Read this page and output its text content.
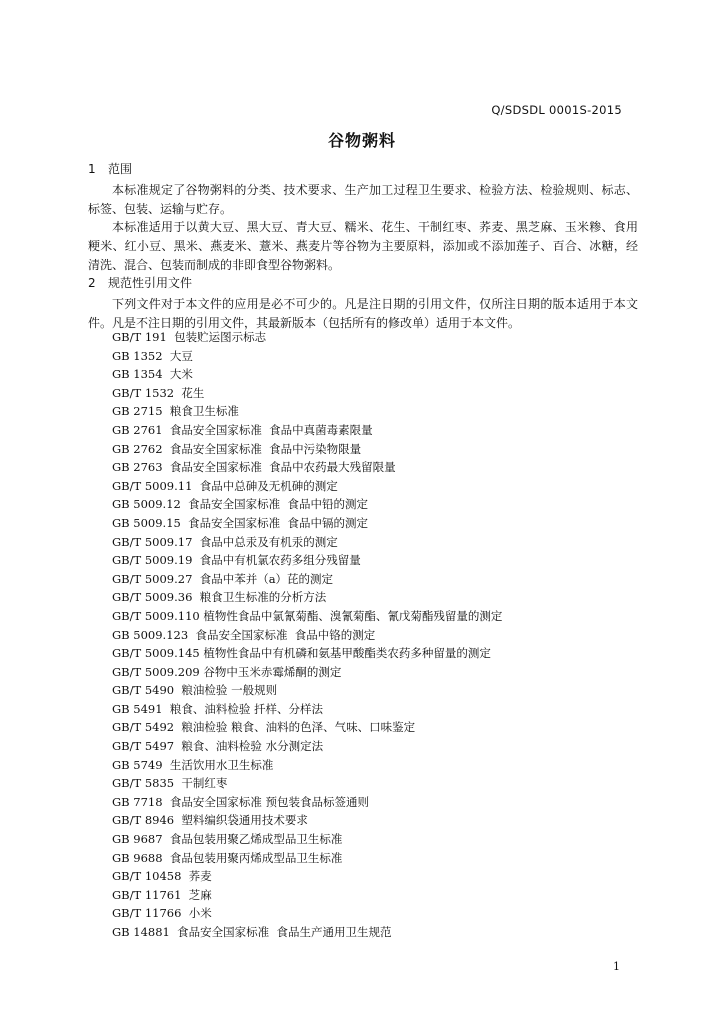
Q/SDSDL 0001S-2015
谷物粥料
1 范围

本标准规定了谷物粥料的分类、技术要求、生产加工过程卫生要求、检验方法、检验规则、标志、标签、包装、运输与贮存。

本标准适用于以黄大豆、黑大豆、青大豆、糯米、花生、干制红枣、荞麦、黑芝麻、玉米糁、食用粳米、红小豆、黑米、燕麦米、薏米、燕麦片等谷物为主要原料，添加或不添加莲子、百合、冰糖，经清洗、混合、包装而制成的非即食型谷物粥料。

2 规范性引用文件

下列文件对于本文件的应用是必不可少的。凡是注日期的引用文件，仅所注日期的版本适用于本文件。凡是不注日期的引用文件，其最新版本（包括所有的修改单）适用于本文件。

GB/T 191  包装贮运图示标志
GB 1352  大豆
GB 1354  大米
GB/T 1532  花生
GB 2715  粮食卫生标准
GB 2761  食品安全国家标准  食品中真菌毒素限量
GB 2762  食品安全国家标准  食品中污染物限量
GB 2763  食品安全国家标准  食品中农药最大残留限量
GB/T 5009.11  食品中总砷及无机砷的测定
GB 5009.12  食品安全国家标准  食品中铅的测定
GB 5009.15  食品安全国家标准  食品中镉的测定
GB/T 5009.17  食品中总汞及有机汞的测定
GB/T 5009.19  食品中有机氯农药多组分残留量
GB/T 5009.27  食品中苯并（a）芘的测定
GB/T 5009.36  粮食卫生标准的分析方法
GB/T 5009.110 植物性食品中氯氰菊酯、溴氰菊酯、氰戊菊酯残留量的测定
GB 5009.123  食品安全国家标准  食品中铬的测定
GB/T 5009.145 植物性食品中有机磷和氨基甲酸酯类农药多种留量的测定
GB/T 5009.209 谷物中玉米赤霉烯酮的测定
GB/T 5490  粮油检验 一般规则
GB 5491  粮食、油料检验 扦样、分样法
GB/T 5492  粮油检验 粮食、油料的色泽、气味、口味鉴定
GB/T 5497  粮食、油料检验 水分测定法
GB 5749  生活饮用水卫生标准
GB/T 5835  干制红枣
GB 7718  食品安全国家标准 预包装食品标签通则
GB/T 8946  塑料编织袋通用技术要求
GB 9687  食品包装用聚乙烯成型品卫生标准
GB 9688  食品包装用聚丙烯成型品卫生标准
GB/T 10458  荞麦
GB/T 11761  芝麻
GB/T 11766  小米
GB 14881  食品安全国家标准  食品生产通用卫生规范
1
